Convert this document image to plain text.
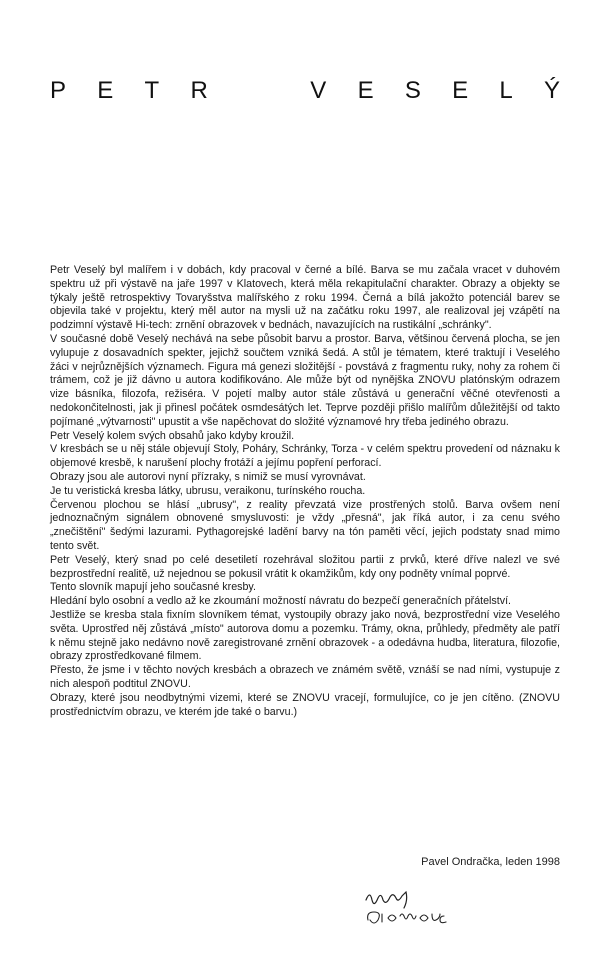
P E T R	V E S E L Ý

Petr Veselý byl malířem i v dobách, kdy pracoval v černé a bílé. Barva se mu začala vracet v duhovém spektru už při výstavě na jaře 1997 v Klatovech, která měla rekapitulační charakter. Obrazy a objekty se týkaly ještě retrospektivy Tovaryšstva malířského z roku 1994. Černá a bílá jakožto potenciál barev se objevila také v projektu, který měl autor na mysli už na začátku roku 1997, ale realizoval jej vzápětí na podzimní výstavě Hi-tech: zrnění obrazovek v bednách, navazujících na rustikální „schránky".

V současné době Veselý nechává na sebe působit barvu a prostor. Barva, většinou červená plocha, se jen vylupuje z dosavadních spekter, jejichž součtem vzniká šedá. A stůl je tématem, které traktují i Veselého žáci v nejrůznějších významech. Figura má genezi složitější - povstává z fragmentu ruky, nohy za rohem či trámem, což je již dávno u autora kodifikováno. Ale může být od nynějška ZNOVU platónským odrazem vize básníka, filozofa, režiséra. V pojetí malby autor stále zůstává u generační věčné otevřenosti a nedokončitelnosti, jak ji přinesl počátek osmdesátých let. Teprve později přišlo malířům důležitější od takto pojímané „výtvarnosti" upustit a vše napěchovat do složité významové hry třeba jediného obrazu.

Petr Veselý kolem svých obsahů jako kdyby kroužil.

V kresbách se u něj stále objevují Stoly, Poháry, Schránky, Torza - v celém spektru provedení od náznaku k objemové kresbě, k narušení plochy frotáží a jejímu popření perforací.

Obrazy jsou ale autorovi nyní přízraky, s nimiž se musí vyrovnávat.

Je tu veristická kresba látky, ubrusu, veraikonu, turínského roucha.

Červenou plochou se hlásí „ubrusy", z reality převzatá vize prostřených stolů. Barva ovšem není jednoznačným signálem obnovené smysluvosti: je vždy „přesná", jak říká autor, i za cenu svého „znečištění" šedými lazurami. Pythagorejské ladění barvy na tón paměti věcí, jejich podstaty snad mimo tento svět.

Petr Veselý, který snad po celé desetiletí rozehrával složitou partii z prvků, které dříve nalezl ve své bezprostřední realitě, už nejednou se pokusil vrátit k okamžikům, kdy ony podněty vnímal poprvé.

Tento slovník mapují jeho současné kresby.

Hledání bylo osobní a vedlo až ke zkoumání možností návratu do bezpečí generačních přátelství.

Jestliže se kresba stala fixním slovníkem témat, vystoupily obrazy jako nová, bezprostřední vize Veselého světa. Uprostřed něj zůstává „místo" autorova domu a pozemku. Trámy, okna, průhledy, předměty ale patří k němu stejně jako nedávno nově zaregistrované zrnění obrazovek - a odedávna hudba, literatura, filozofie, obrazy zprostředkované filmem.

Přesto, že jsme i v těchto nových kresbách a obrazech ve známém světě, vznáší se nad ními, vystupuje z nich alespoň podtitul ZNOVU.

Obrazy, které jsou neodbytnými vizemi, které se ZNOVU vracejí, formulujíce, co je jen cítěno. (ZNOVU prostřednictvím obrazu, ve kterém jde také o barvu.)

Pavel Ondračka, leden 1998
